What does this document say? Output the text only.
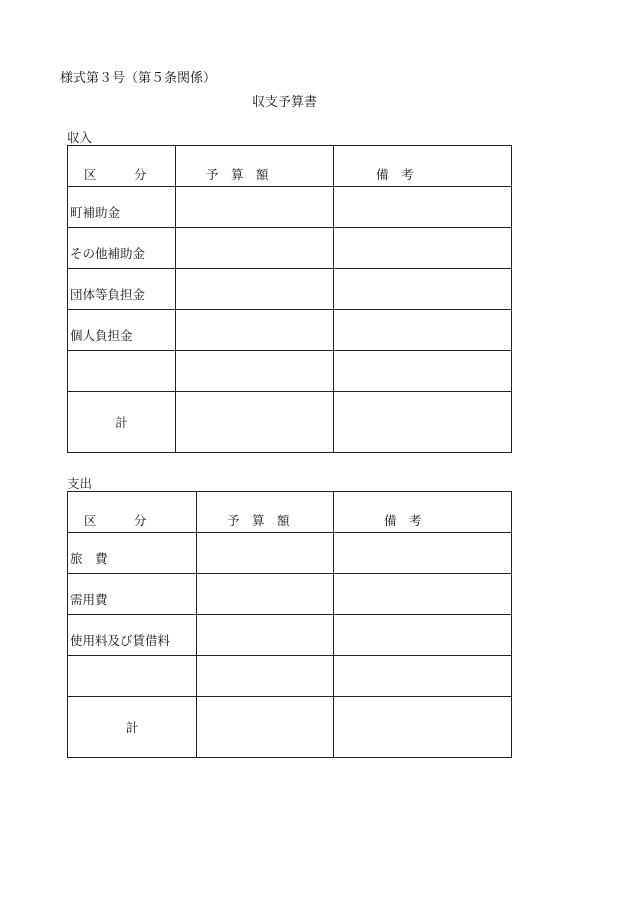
様式第３号（第５条関係）
収支予算書
収入
区　　　分	予　算　額	備　考

町補助金		

その他補助金		

団体等負担金		

個人負担金		

計		

支出
区　　　分	予　算　額	備　考

旅　費		

需用費		

使用料及び賃借料		

計		
